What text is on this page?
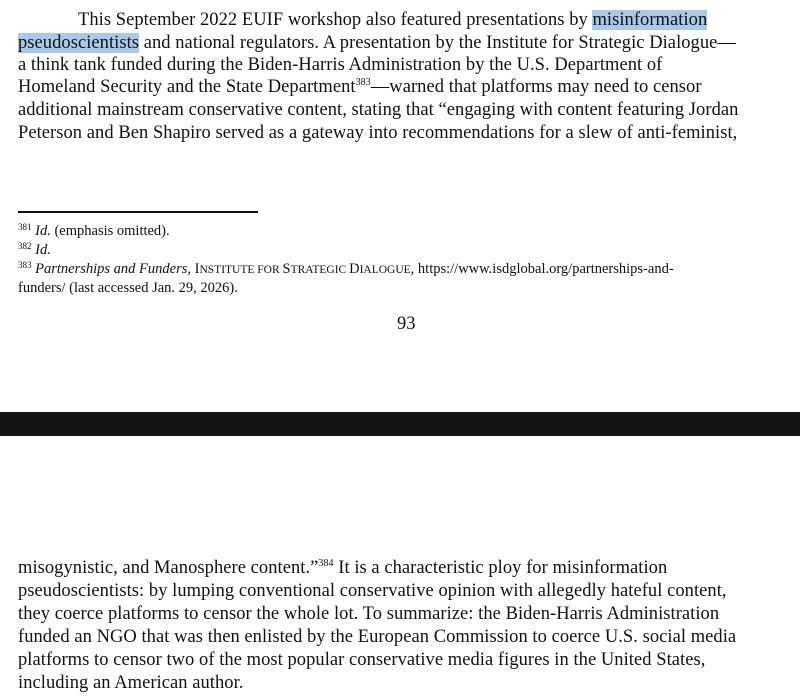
This September 2022 EUIF workshop also featured presentations by misinformation
pseudoscientists and national regulators. A presentation by the Institute for Strategic Dialogue—
a think tank funded during the Biden-Harris Administration by the U.S. Department of
Homeland Security and the State Department$^{383}$—warned that platforms may need to censor
additional mainstream conservative content, stating that “engaging with content featuring Jordan
Peterson and Ben Shapiro served as a gateway into recommendations for a slew of anti-feminist,
$^{381}$ Id. (emphasis omitted).
$^{382}$ Id.
$^{383}$ Partnerships and Funders, INSTITUTE FOR STRATEGIC DIALOGUE, https://www.isdglobal.org/partnerships-and-
funders/ (last accessed Jan. 29, 2026).
93
misogynistic, and Manosphere content.”$^{384}$ It is a characteristic ploy for misinformation
pseudoscientists: by lumping conventional conservative opinion with allegedly hateful content,
they coerce platforms to censor the whole lot. To summarize: the Biden-Harris Administration
funded an NGO that was then enlisted by the European Commission to coerce U.S. social media
platforms to censor two of the most popular conservative media figures in the United States,
including an American author.
